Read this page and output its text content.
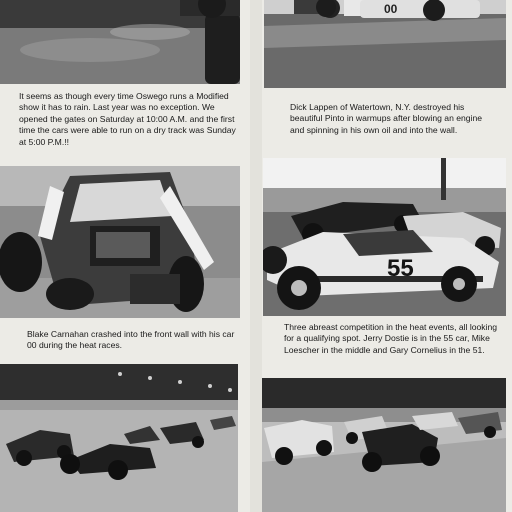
00

It seems as though every time Oswego runs a Modified show it has to rain. Last year was no exception. We opened the gates on Saturday at 10:00 A.M. and the first time the cars were able to run on a dry track was Sunday at 5:00 P.M.!!

Dick Lappen of Watertown, N.Y. destroyed his beautiful Pinto in warmups after blowing an engine and spinning in his own oil and into the wall.

55

Blake Carnahan crashed into the front wall with his car 00 during the heat races.

Three abreast competition in the heat events, all looking for a qualifying spot. Jerry Dostie is in the 55 car, Mike Loescher in the middle and Gary Cornelius in the 51.
